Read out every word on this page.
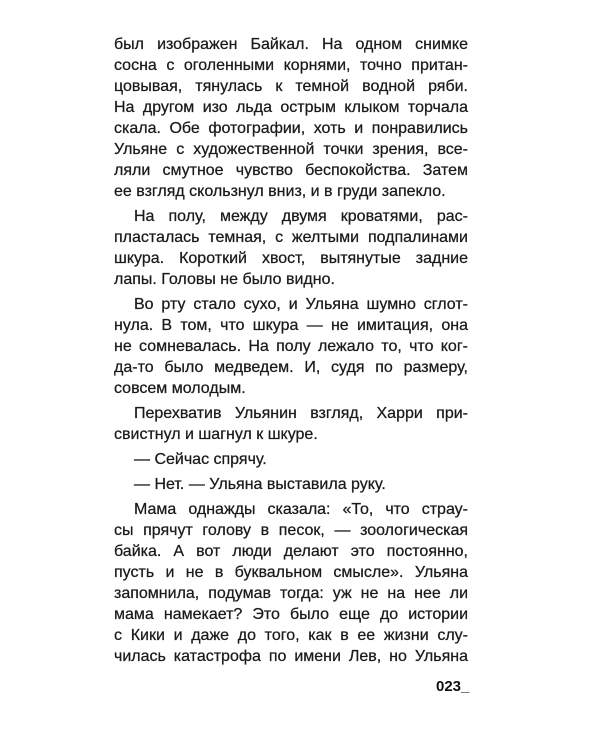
был изображен Байкал. На одном снимке
сосна с оголенными корнями, точно притан-
цовывая, тянулась к темной водной ряби.
На другом изо льда острым клыком торчала
скала. Обе фотографии, хоть и понравились
Ульяне с художественной точки зрения, все-
ляли смутное чувство беспокойства. Затем
ее взгляд скользнул вниз, и в груди запекло.
На полу, между двумя кроватями, рас-
пласталась темная, с желтыми подпалинами
шкура. Короткий хвост, вытянутые задние
лапы. Головы не было видно.
Во рту стало сухо, и Ульяна шумно сглот-
нула. В том, что шкура — не имитация, она
не сомневалась. На полу лежало то, что ког-
да-то было медведем. И, судя по размеру,
совсем молодым.
Перехватив Ульянин взгляд, Харри при-
свистнул и шагнул к шкуре.
— Сейчас спрячу.
— Нет. — Ульяна выставила руку.
Мама однажды сказала: «То, что страу-
сы прячут голову в песок, — зоологическая
байка. А вот люди делают это постоянно,
пусть и не в буквальном смысле». Ульяна
запомнила, подумав тогда: уж не на нее ли
мама намекает? Это было еще до истории
с Кики и даже до того, как в ее жизни слу-
чилась катастрофа по имени Лев, но Ульяна
023_
